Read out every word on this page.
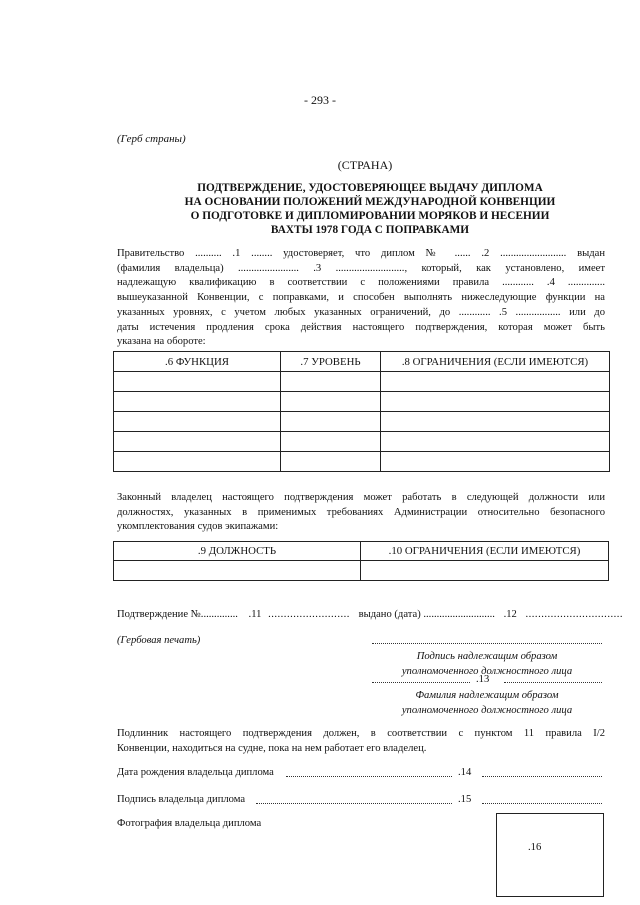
- 293 -
(Герб страны)
(СТРАНА)
ПОДТВЕРЖДЕНИЕ, УДОСТОВЕРЯЮЩЕЕ ВЫДАЧУ ДИПЛОМА
НА ОСНОВАНИИ ПОЛОЖЕНИЙ МЕЖДУНАРОДНОЙ КОНВЕНЦИИ
О ПОДГОТОВКЕ И ДИПЛОМИРОВАНИИ МОРЯКОВ И НЕСЕНИИ
ВАХТЫ 1978 ГОДА С ПОПРАВКАМИ
Правительство .......... .1 ........ удостоверяет, что диплом № ...... .2 ......................... выдан
(фамилия владельца) ....................... .3 .........................., который, как установлено, имеет
надлежащую квалификацию в соответствии с положениями правила ............ .4 ..............
вышеуказанной Конвенции, с поправками, и способен выполнять нижеследующие функции на
указанных уровнях, с учетом любых указанных ограничений, до ............ .5 ................. или до
даты истечения продления срока действия настоящего подтверждения, которая может быть
указана на обороте:
.6 ФУНКЦИЯ	.7 УРОВЕНЬ	.8 ОГРАНИЧЕНИЯ (ЕСЛИ ИМЕЮТСЯ)

Законный владелец настоящего подтверждения может работать в следующей должности или
должностях, указанных в применимых требованиях Администрации относительно безопасного
укомплектования судов экипажами:
.9 ДОЛЖНОСТЬ	.10 ОГРАНИЧЕНИЯ (ЕСЛИ ИМЕЮТСЯ)

Подтверждение №.............. .11 .......................... выдано (дата) ........................... .12 ...............................
(Гербовая печать)
Подпись надлежащим образом
уполномоченного должностного лица
.13
Фамилия надлежащим образом
уполномоченного должностного лица
Подлинник настоящего подтверждения должен, в соответствии с пунктом 11 правила I/2
Конвенции, находиться на судне, пока на нем работает его владелец.
Дата рождения владельца диплома	.14
Подпись владельца диплома	.15
Фотография владельца диплома
.16
